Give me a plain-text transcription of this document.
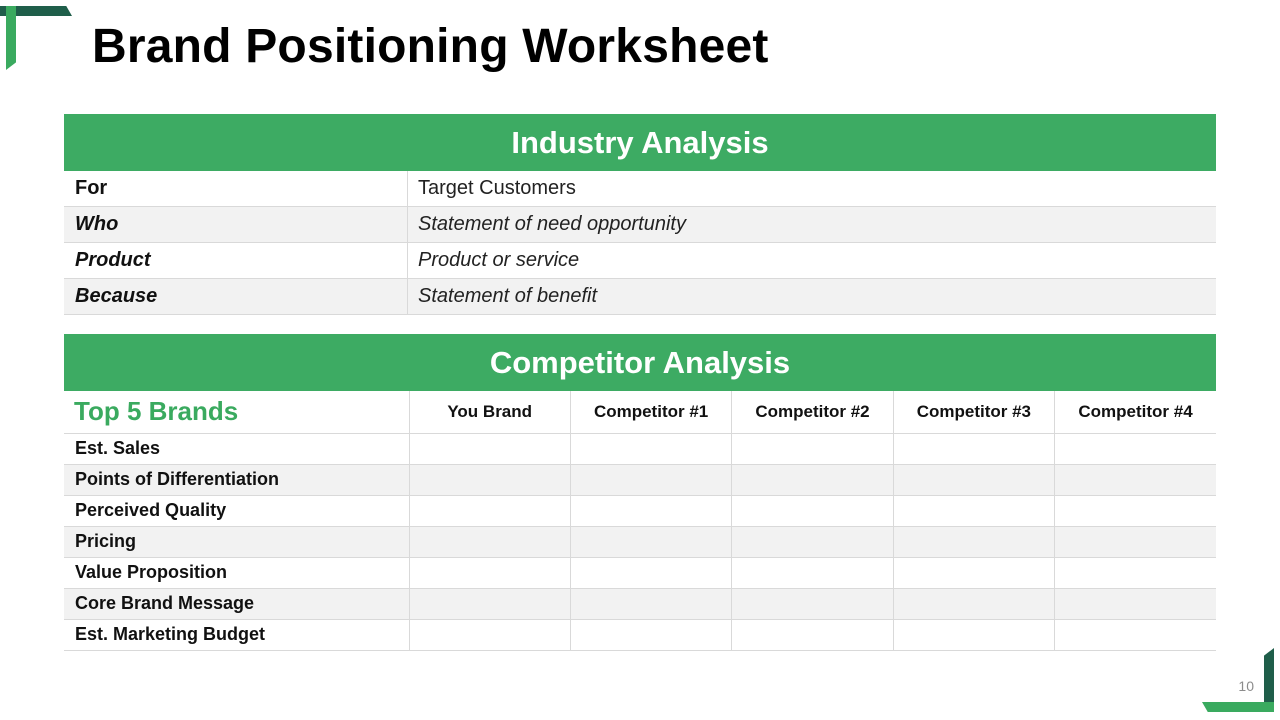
Brand Positioning Worksheet
Industry Analysis
For	Target Customers
Who	Statement of need opportunity
Product	Product or service
Because	Statement of benefit
Competitor Analysis
Top 5 Brands	You Brand	Competitor #1	Competitor #2	Competitor #3	Competitor #4
Est. Sales					
Points of Differentiation					
Perceived Quality					
Pricing					
Value Proposition					
Core Brand Message					
Est. Marketing Budget					
10
